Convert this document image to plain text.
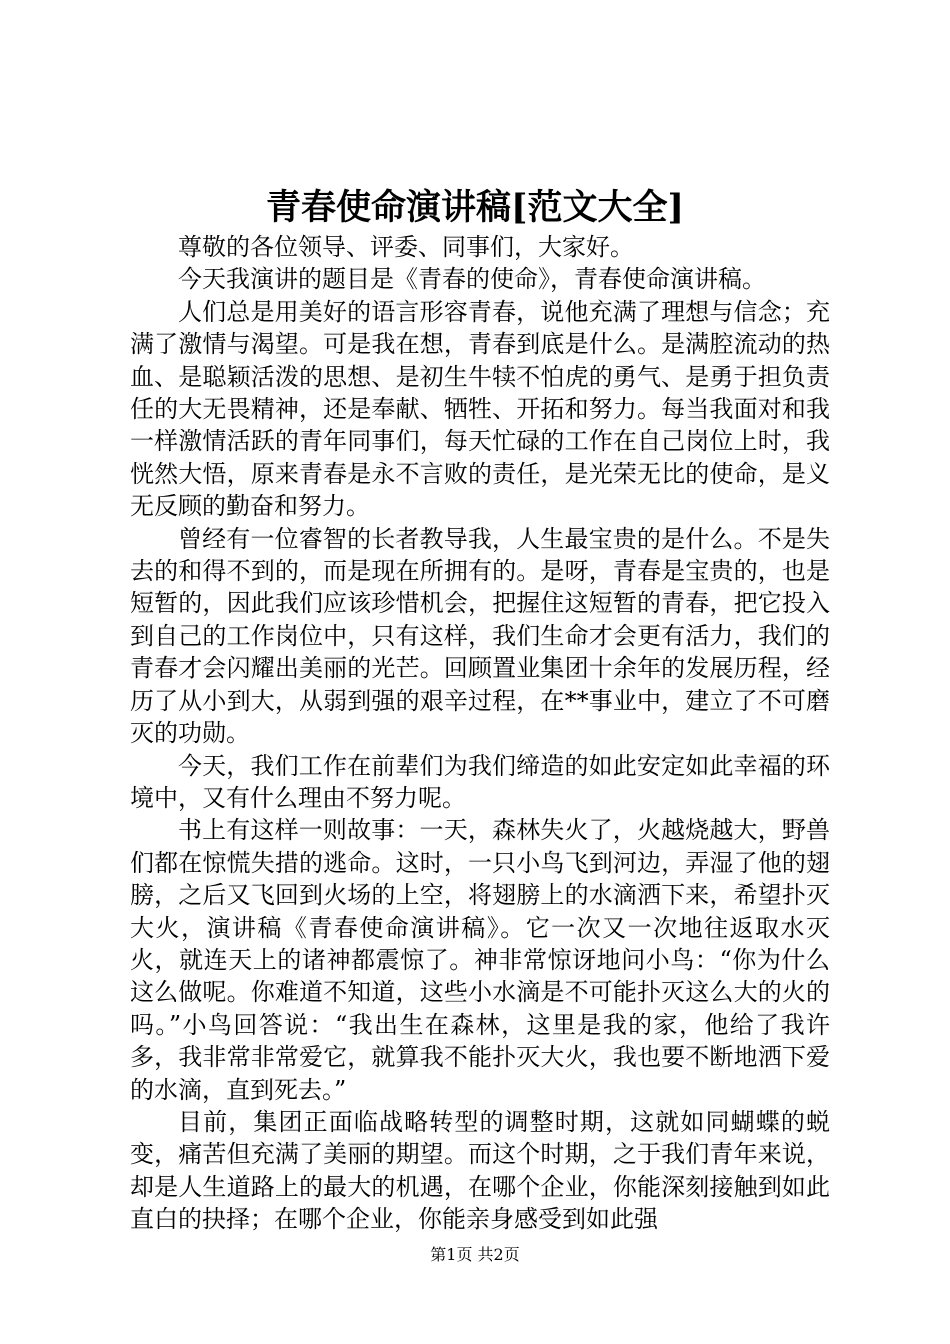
青春使命演讲稿[范文大全]

尊敬的各位领导、评委、同事们，大家好。

今天我演讲的题目是《青春的使命》，青春使命演讲稿。

人们总是用美好的语言形容青春，说他充满了理想与信念；充满了激情与渴望。可是我在想，青春到底是什么。是满腔流动的热血、是聪颖活泼的思想、是初生牛犊不怕虎的勇气、是勇于担负责任的大无畏精神，还是奉献、牺牲、开拓和努力。每当我面对和我一样激情活跃的青年同事们，每天忙碌的工作在自己岗位上时，我恍然大悟，原来青春是永不言败的责任，是光荣无比的使命，是义无反顾的勤奋和努力。

曾经有一位睿智的长者教导我，人生最宝贵的是什么。不是失去的和得不到的，而是现在所拥有的。是呀，青春是宝贵的，也是短暂的，因此我们应该珍惜机会，把握住这短暂的青春，把它投入到自己的工作岗位中，只有这样，我们生命才会更有活力，我们的青春才会闪耀出美丽的光芒。回顾置业集团十余年的发展历程，经历了从小到大，从弱到强的艰辛过程，在**事业中，建立了不可磨灭的功勋。

今天，我们工作在前辈们为我们缔造的如此安定如此幸福的环境中，又有什么理由不努力呢。

书上有这样一则故事：一天，森林失火了，火越烧越大，野兽们都在惊慌失措的逃命。这时，一只小鸟飞到河边，弄湿了他的翅膀，之后又飞回到火场的上空，将翅膀上的水滴洒下来，希望扑灭大火，演讲稿《青春使命演讲稿》。它一次又一次地往返取水灭火，就连天上的诸神都震惊了。神非常惊讶地问小鸟：“你为什么这么做呢。你难道不知道，这些小水滴是不可能扑灭这么大的火的吗。”小鸟回答说：“我出生在森林，这里是我的家，他给了我许多，我非常非常爱它，就算我不能扑灭大火，我也要不断地洒下爱的水滴，直到死去。”

目前，集团正面临战略转型的调整时期，这就如同蝴蝶的蜕变，痛苦但充满了美丽的期望。而这个时期，之于我们青年来说，却是人生道路上的最大的机遇，在哪个企业，你能深刻接触到如此直白的抉择；在哪个企业，你能亲身感受到如此强

第1页 共2页
